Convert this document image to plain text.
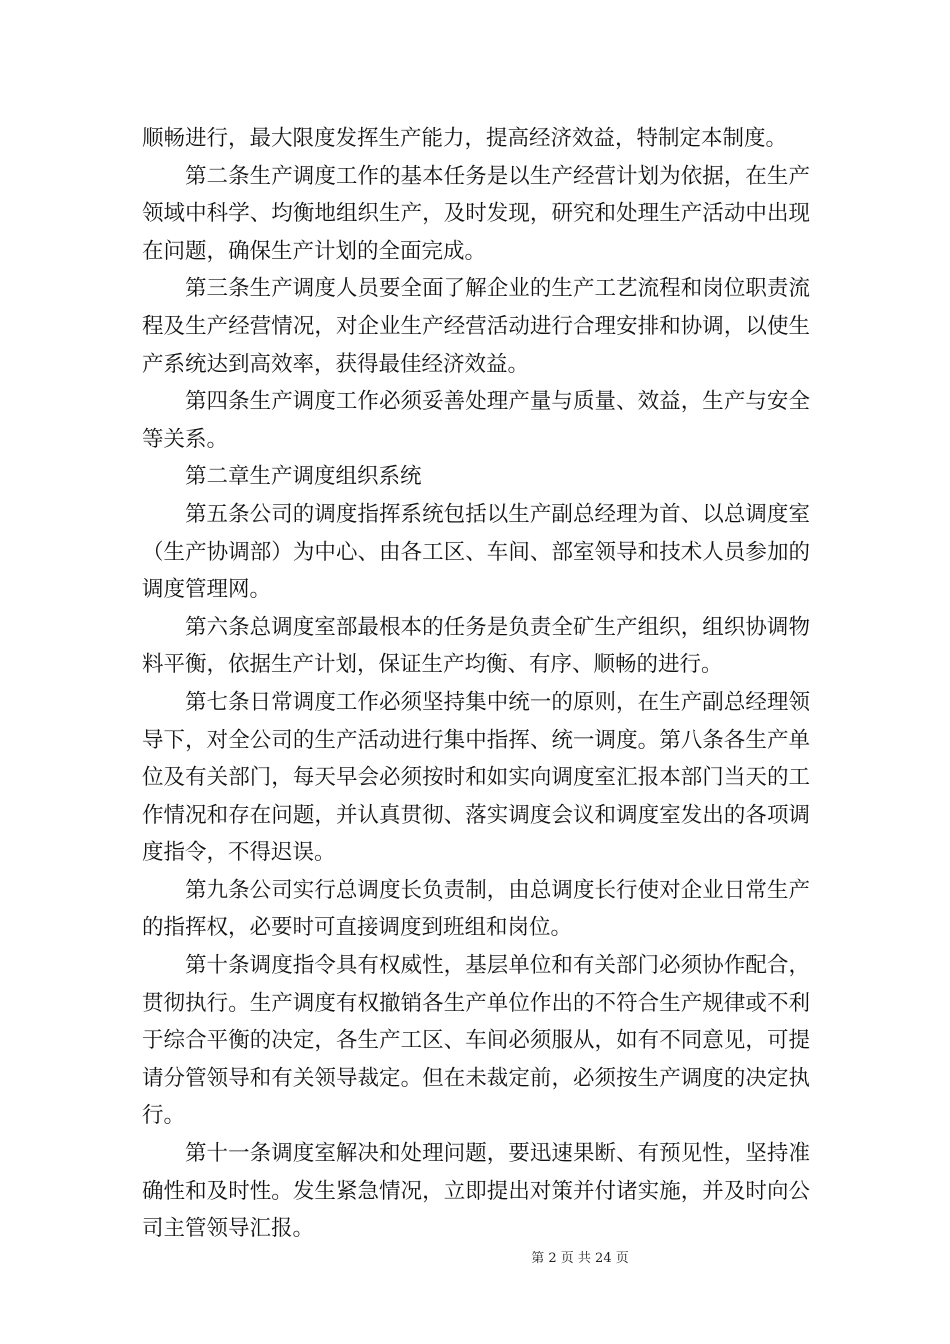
顺畅进行，最大限度发挥生产能力，提高经济效益，特制定本制度。

第二条生产调度工作的基本任务是以生产经营计划为依据，在生产领域中科学、均衡地组织生产，及时发现，研究和处理生产活动中出现在问题，确保生产计划的全面完成。

第三条生产调度人员要全面了解企业的生产工艺流程和岗位职责流程及生产经营情况，对企业生产经营活动进行合理安排和协调，以使生产系统达到高效率，获得最佳经济效益。

第四条生产调度工作必须妥善处理产量与质量、效益，生产与安全等关系。

第二章生产调度组织系统

第五条公司的调度指挥系统包括以生产副总经理为首、以总调度室（生产协调部）为中心、由各工区、车间、部室领导和技术人员参加的调度管理网。

第六条总调度室部最根本的任务是负责全矿生产组织，组织协调物料平衡，依据生产计划，保证生产均衡、有序、顺畅的进行。

第七条日常调度工作必须坚持集中统一的原则，在生产副总经理领导下，对全公司的生产活动进行集中指挥、统一调度。第八条各生产单位及有关部门，每天早会必须按时和如实向调度室汇报本部门当天的工作情况和存在问题，并认真贯彻、落实调度会议和调度室发出的各项调度指令，不得迟误。

第九条公司实行总调度长负责制，由总调度长行使对企业日常生产的指挥权，必要时可直接调度到班组和岗位。

第十条调度指令具有权威性，基层单位和有关部门必须协作配合，贯彻执行。生产调度有权撤销各生产单位作出的不符合生产规律或不利于综合平衡的决定，各生产工区、车间必须服从，如有不同意见，可提请分管领导和有关领导裁定。但在未裁定前，必须按生产调度的决定执行。

第十一条调度室解决和处理问题，要迅速果断、有预见性，坚持准确性和及时性。发生紧急情况，立即提出对策并付诸实施，并及时向公司主管领导汇报。

第 2 页 共 24 页
